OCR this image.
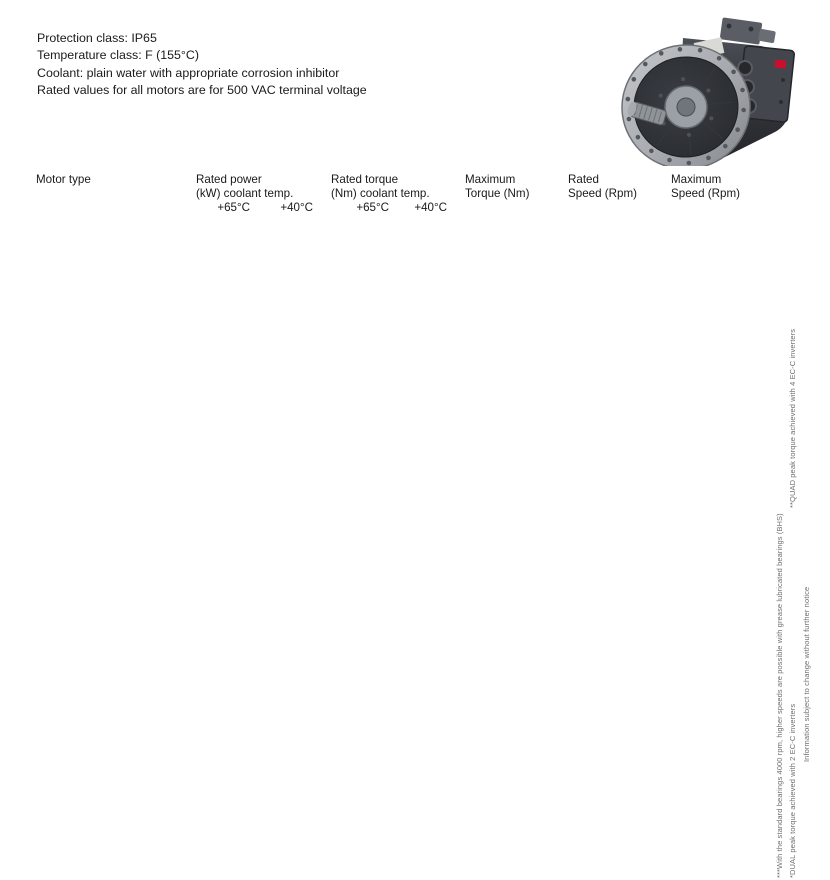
Protection class: IP65
Temperature class: F (155°C)
Coolant: plain water with appropriate corrosion inhibitor
Rated values for all motors are for 500 VAC terminal voltage
Motor type	Rated power		Rated torque		Maximum	Rated	Maximum
	(kW) coolant temp.		(Nm) coolant temp.		Torque (Nm)	Speed (Rpm)	Speed (Rpm)
	+65°C	+40°C	+65°C	+40°C			
***With the standard bearings 4000 rpm, higher speeds are possible with grease lubricated bearings (BHS) *DUAL peak torque achieved with 2 EC-C inverters
**QUAD peak torque achieved with 4 EC-C inverters
Information subject to change without further notice
